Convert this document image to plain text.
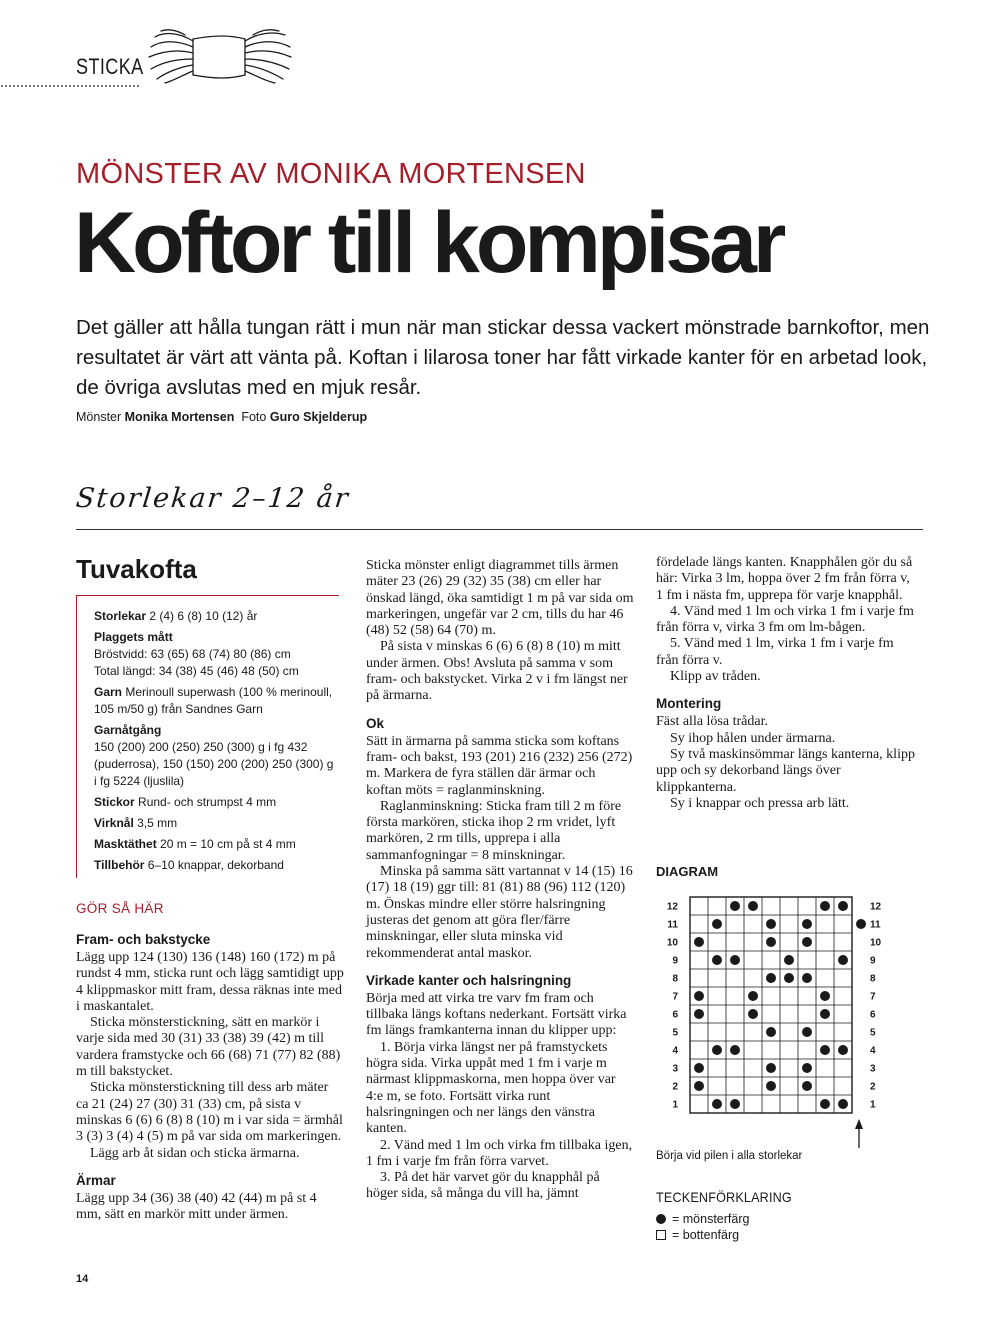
STICKA
MÖNSTER AV MONIKA MORTENSEN
Koftor till kompisar
Det gäller att hålla tungan rätt i mun när man stickar dessa vackert mönstrade barnkoftor, men resultatet är värt att vänta på. Koftan i lilarosa toner har fått virkade kanter för en arbetad look, de övriga avslutas med en mjuk resår.
Mönster Monika Mortensen Foto Guro Skjelderup
Storlekar 2–12 år
Tuvakofta
Storlekar 2 (4) 6 (8) 10 (12) år
Plaggets mått
Bröstvidd: 63 (65) 68 (74) 80 (86) cm
Total längd: 34 (38) 45 (46) 48 (50) cm
Garn Merinoull superwash (100 % merinoull, 105 m/50 g) från Sandnes Garn
Garnåtgång
150 (200) 200 (250) 250 (300) g i fg 432 (puderrosa), 150 (150) 200 (200) 250 (300) g i fg 5224 (ljuslila)
Stickor Rund- och strumpst 4 mm
Virknål 3,5 mm
Masktäthet 20 m = 10 cm på st 4 mm
Tillbehör 6–10 knappar, dekorband
GÖR SÅ HÄR
Fram- och bakstycke
Lägg upp 124 (130) 136 (148) 160 (172) m på rundst 4 mm, sticka runt och lägg samtidigt upp 4 klippmaskor mitt fram, dessa räknas inte med i maskantalet.
Sticka mönsterstickning, sätt en markör i varje sida med 30 (31) 33 (38) 39 (42) m till vardera framstycke och 66 (68) 71 (77) 82 (88) m till bakstycket.
Sticka mönsterstickning till dess arb mäter ca 21 (24) 27 (30) 31 (33) cm, på sista v minskas 6 (6) 6 (8) 8 (10) m i var sida = ärmhål 3 (3) 3 (4) 4 (5) m på var sida om markeringen.
Lägg arb åt sidan och sticka ärmarna.
Ärmar
Lägg upp 34 (36) 38 (40) 42 (44) m på st 4 mm, sätt en markör mitt under ärmen.
Sticka mönster enligt diagrammet tills ärmen mäter 23 (26) 29 (32) 35 (38) cm eller har önskad längd, öka samtidigt 1 m på var sida om markeringen, ungefär var 2 cm, tills du har 46 (48) 52 (58) 64 (70) m.
På sista v minskas 6 (6) 6 (8) 8 (10) m mitt under ärmen. Obs! Avsluta på samma v som fram- och bakstycket. Virka 2 v i fm längst ner på ärmarna.
Ok
Sätt in ärmarna på samma sticka som koftans fram- och bakst, 193 (201) 216 (232) 256 (272) m. Markera de fyra ställen där ärmar och koftan möts = raglanminskning.
Raglanminskning: Sticka fram till 2 m före första markören, sticka ihop 2 rm vridet, lyft markören, 2 rm tills, upprepa i alla sammanfogningar = 8 minskningar.
Minska på samma sätt vartannat v 14 (15) 16 (17) 18 (19) ggr till: 81 (81) 88 (96) 112 (120) m. Önskas mindre eller större halsringning justeras det genom att göra fler/färre minskningar, eller sluta minska vid rekommenderat antal maskor.
Virkade kanter och halsringning
Börja med att virka tre varv fm fram och tillbaka längs koftans nederkant. Fortsätt virka fm längs framkanterna innan du klipper upp:
1. Börja virka längst ner på framstyckets högra sida. Virka uppåt med 1 fm i varje m närmast klippmaskorna, men hoppa över var 4:e m, se foto. Fortsätt virka runt halsringningen och ner längs den vänstra kanten.
2. Vänd med 1 lm och virka fm tillbaka igen, 1 fm i varje fm från förra varvet.
3. På det här varvet gör du knapphål på höger sida, så många du vill ha, jämnt
fördelade längs kanten. Knapphålen gör du så här: Virka 3 lm, hoppa över 2 fm från förra v, 1 fm i nästa fm, upprepa för varje knapphål.
4. Vänd med 1 lm och virka 1 fm i varje fm från förra v, virka 3 fm om lm-bågen.
5. Vänd med 1 lm, virka 1 fm i varje fm från förra v.
Klipp av tråden.
Montering
Fäst alla lösa trådar.
Sy ihop hålen under ärmarna.
Sy två maskinsömmar längs kanterna, klipp upp och sy dekorband längs över klippkanterna.
Sy i knappar och pressa arb lätt.
DIAGRAM
12	12
11	11
10	10
9	9
8	8
7	7
6	6
5	5
4	4
3	3
2	2
1	1
Börja vid pilen i alla storlekar
TECKENFÖRKLARING
= mönsterfärg
= bottenfärg
14
